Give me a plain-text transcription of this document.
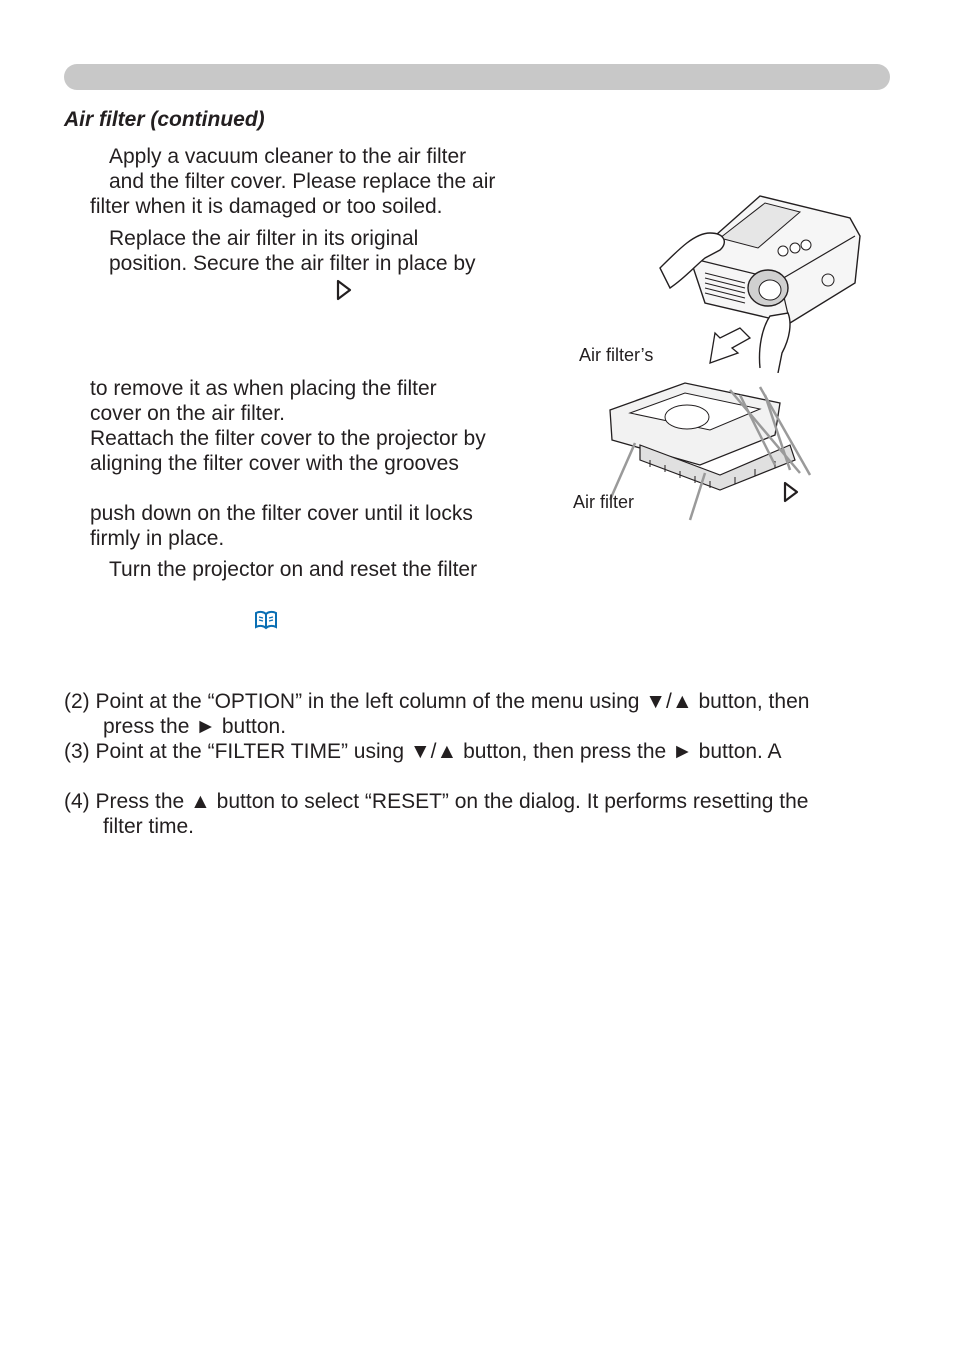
Air filter (continued)
Apply a vacuum cleaner to the air filter
and the filter cover. Please replace the air
filter when it is damaged or too soiled.
Replace the air filter in its original
position. Secure the air filter in place by
to remove it as when placing the filter
cover on the air filter.
Reattach the filter cover to the projector by
aligning the filter cover with the grooves
push down on the filter cover until it locks
firmly in place.
Turn the projector on and reset the filter
(2) Point at the “OPTION” in the left column of the menu using ▼/▲ button, then
press the ► button.
(3) Point at the “FILTER TIME” using ▼/▲ button, then press the ► button. A
(4) Press the ▲ button to select “RESET” on the dialog. It performs resetting the
filter time.
Air filter’s
Air filter
